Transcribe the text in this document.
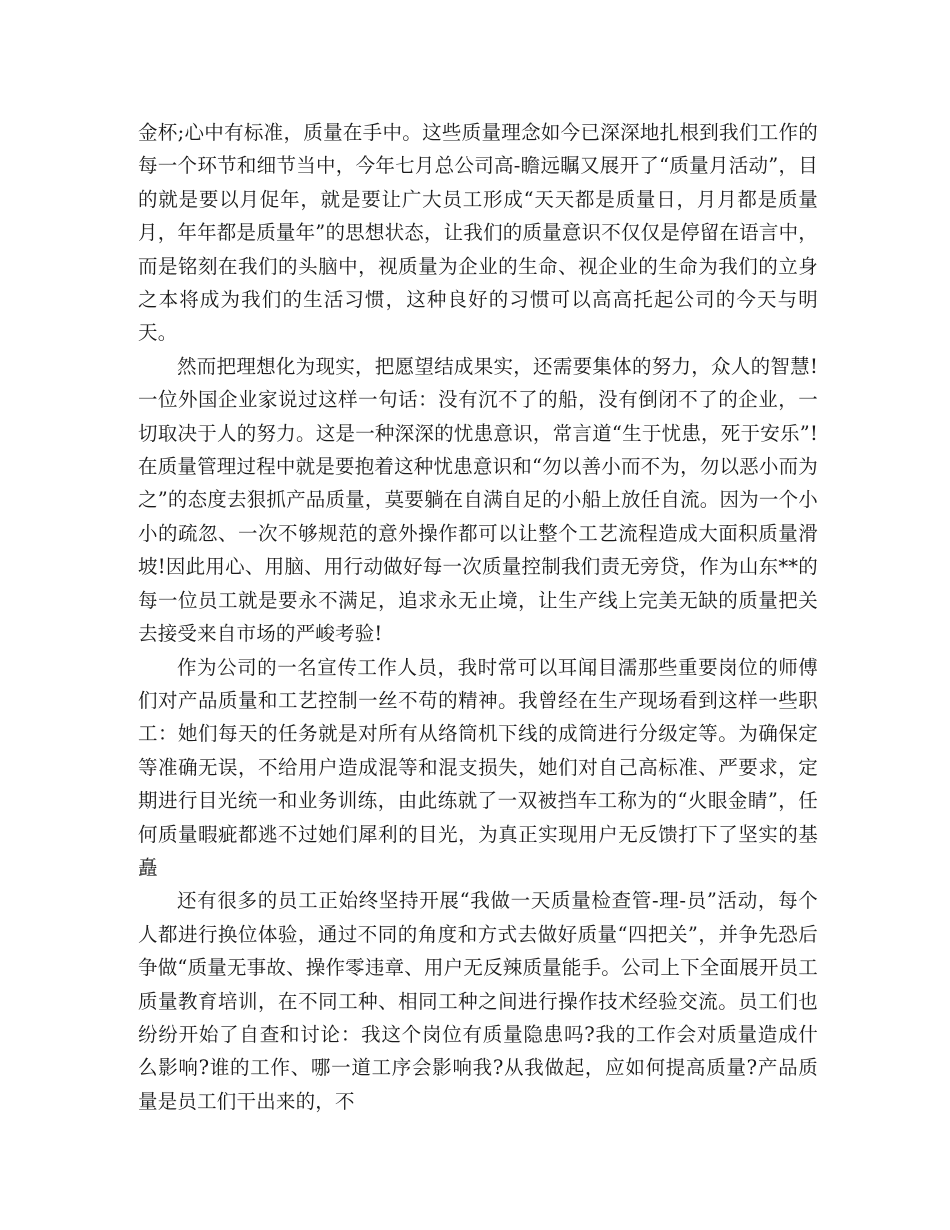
金杯;心中有标准，质量在手中。这些质量理念如今已深深地扎根到我们工作的每一个环节和细节当中，今年七月总公司高-瞻远瞩又展开了“质量月活动”，目的就是要以月促年，就是要让广大员工形成“天天都是质量日，月月都是质量月，年年都是质量年”的思想状态，让我们的质量意识不仅仅是停留在语言中，而是铭刻在我们的头脑中，视质量为企业的生命、视企业的生命为我们的立身之本将成为我们的生活习惯，这种良好的习惯可以高高托起公司的今天与明天。

然而把理想化为现实，把愿望结成果实，还需要集体的努力，众人的智慧!一位外国企业家说过这样一句话：没有沉不了的船，没有倒闭不了的企业，一切取决于人的努力。这是一种深深的忧患意识，常言道“生于忧患，死于安乐”!在质量管理过程中就是要抱着这种忧患意识和“勿以善小而不为，勿以恶小而为之”的态度去狠抓产品质量，莫要躺在自满自足的小船上放任自流。因为一个小小的疏忽、一次不够规范的意外操作都可以让整个工艺流程造成大面积质量滑坡!因此用心、用脑、用行动做好每一次质量控制我们责无旁贷，作为山东**的每一位员工就是要永不满足，追求永无止境，让生产线上完美无缺的质量把关去接受来自市场的严峻考验!

作为公司的一名宣传工作人员，我时常可以耳闻目濡那些重要岗位的师傅们对产品质量和工艺控制一丝不苟的精神。我曾经在生产现场看到这样一些职工：她们每天的任务就是对所有从络筒机下线的成筒进行分级定等。为确保定等准确无误，不给用户造成混等和混支损失，她们对自己高标准、严要求，定期进行目光统一和业务训练，由此练就了一双被挡车工称为的“火眼金睛”，任何质量暇疵都逃不过她们犀利的目光，为真正实现用户无反馈打下了坚实的基矗

还有很多的员工正始终坚持开展“我做一天质量检查管-理-员”活动，每个人都进行换位体验，通过不同的角度和方式去做好质量“四把关”，并争先恐后争做“质量无事故、操作零违章、用户无反辣质量能手。公司上下全面展开员工质量教育培训，在不同工种、相同工种之间进行操作技术经验交流。员工们也纷纷开始了自查和讨论：我这个岗位有质量隐患吗?我的工作会对质量造成什么影响?谁的工作、哪一道工序会影响我?从我做起，应如何提高质量?产品质量是员工们干出来的，不
